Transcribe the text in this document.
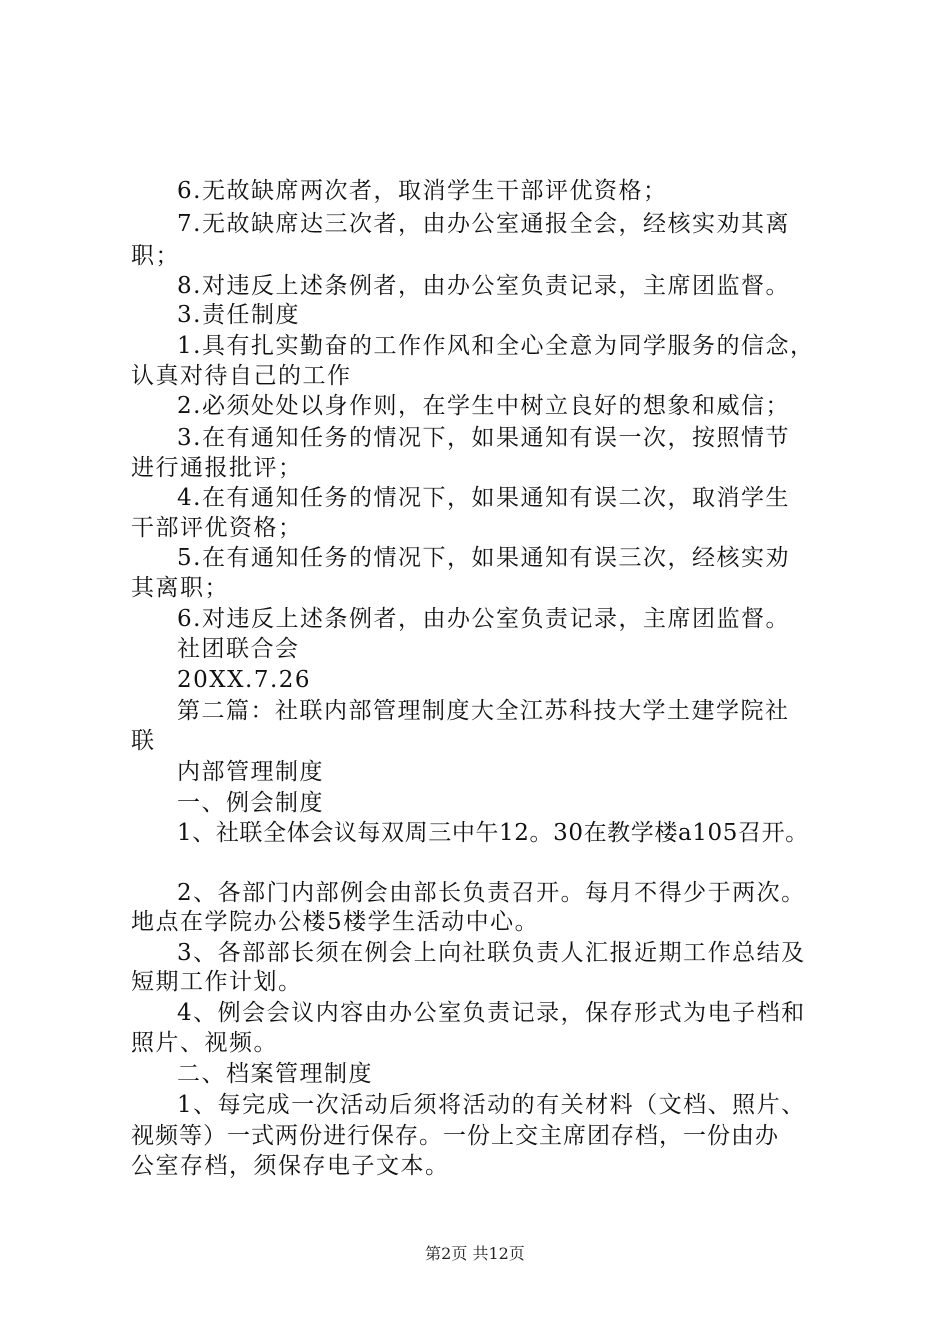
6.无故缺席两次者，取消学生干部评优资格；
7.无故缺席达三次者，由办公室通报全会，经核实劝其离
职；
8.对违反上述条例者，由办公室负责记录，主席团监督。
3.责任制度
1.具有扎实勤奋的工作作风和全心全意为同学服务的信念，
认真对待自己的工作
2.必须处处以身作则，在学生中树立良好的想象和威信；
3.在有通知任务的情况下，如果通知有误一次，按照情节
进行通报批评；
4.在有通知任务的情况下，如果通知有误二次，取消学生
干部评优资格；
5.在有通知任务的情况下，如果通知有误三次，经核实劝
其离职；
6.对违反上述条例者，由办公室负责记录，主席团监督。
社团联合会
20XX.7.26
第二篇：社联内部管理制度大全江苏科技大学土建学院社
联
内部管理制度
一、例会制度
1、社联全体会议每双周三中午12。30在教学楼a105召开。
2、各部门内部例会由部长负责召开。每月不得少于两次。
地点在学院办公楼5楼学生活动中心。
3、各部部长须在例会上向社联负责人汇报近期工作总结及
短期工作计划。
4、例会会议内容由办公室负责记录，保存形式为电子档和
照片、视频。
二、档案管理制度
1、每完成一次活动后须将活动的有关材料（文档、照片、
视频等）一式两份进行保存。一份上交主席团存档，一份由办
公室存档，须保存电子文本。
第2页 共12页
